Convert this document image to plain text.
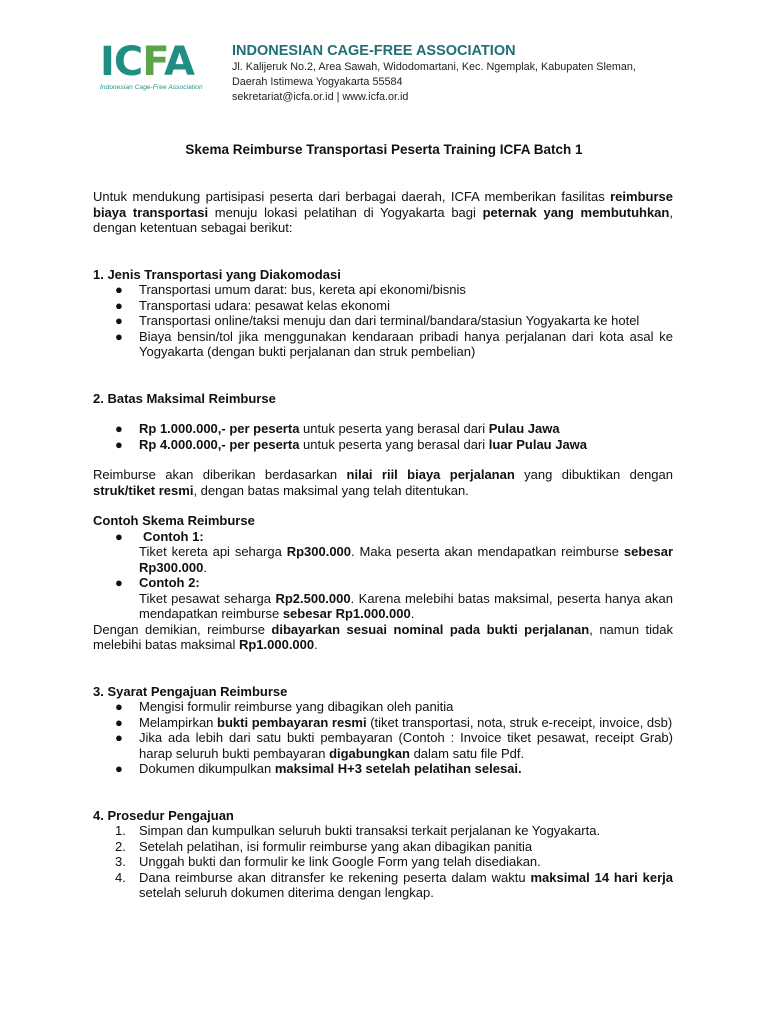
ICFA
Indonesian Cage-Free Association
INDONESIAN CAGE-FREE ASSOCIATION
Jl. Kalijeruk No.2, Area Sawah, Widodomartani, Kec. Ngemplak, Kabupaten Sleman,
Daerah Istimewa Yogyakarta 55584
sekretariat@icfa.or.id | www.icfa.or.id
Skema Reimburse Transportasi Peserta Training ICFA Batch 1

Untuk mendukung partisipasi peserta dari berbagai daerah, ICFA memberikan fasilitas reimburse biaya transportasi menuju lokasi pelatihan di Yogyakarta bagi peternak yang membutuhkan, dengan ketentuan sebagai berikut:

1. Jenis Transportasi yang Diakomodasi
● Transportasi umum darat: bus, kereta api ekonomi/bisnis
● Transportasi udara: pesawat kelas ekonomi
● Transportasi online/taksi menuju dan dari terminal/bandara/stasiun Yogyakarta ke hotel
● Biaya bensin/tol jika menggunakan kendaraan pribadi hanya perjalanan dari kota asal ke Yogyakarta (dengan bukti perjalanan dan struk pembelian)
2. Batas Maksimal Reimburse
● Rp 1.000.000,- per peserta untuk peserta yang berasal dari Pulau Jawa
● Rp 4.000.000,- per peserta untuk peserta yang berasal dari luar Pulau Jawa

Reimburse akan diberikan berdasarkan nilai riil biaya perjalanan yang dibuktikan dengan struk/tiket resmi, dengan batas maksimal yang telah ditentukan.

Contoh Skema Reimburse
● Contoh 1:
Tiket kereta api seharga Rp300.000. Maka peserta akan mendapatkan reimburse sebesar Rp300.000.
● Contoh 2:
Tiket pesawat seharga Rp2.500.000. Karena melebihi batas maksimal, peserta hanya akan mendapatkan reimburse sebesar Rp1.000.000.

Dengan demikian, reimburse dibayarkan sesuai nominal pada bukti perjalanan, namun tidak melebihi batas maksimal Rp1.000.000.

3. Syarat Pengajuan Reimburse
● Mengisi formulir reimburse yang dibagikan oleh panitia
● Melampirkan bukti pembayaran resmi (tiket transportasi, nota, struk e-receipt, invoice, dsb)
● Jika ada lebih dari satu bukti pembayaran (Contoh : Invoice tiket pesawat, receipt Grab) harap seluruh bukti pembayaran digabungkan dalam satu file Pdf.
● Dokumen dikumpulkan maksimal H+3 setelah pelatihan selesai.
4. Prosedur Pengajuan
1. Simpan dan kumpulkan seluruh bukti transaksi terkait perjalanan ke Yogyakarta.
2. Setelah pelatihan, isi formulir reimburse yang akan dibagikan panitia
3. Unggah bukti dan formulir ke link Google Form yang telah disediakan.
4. Dana reimburse akan ditransfer ke rekening peserta dalam waktu maksimal 14 hari kerja setelah seluruh dokumen diterima dengan lengkap.
